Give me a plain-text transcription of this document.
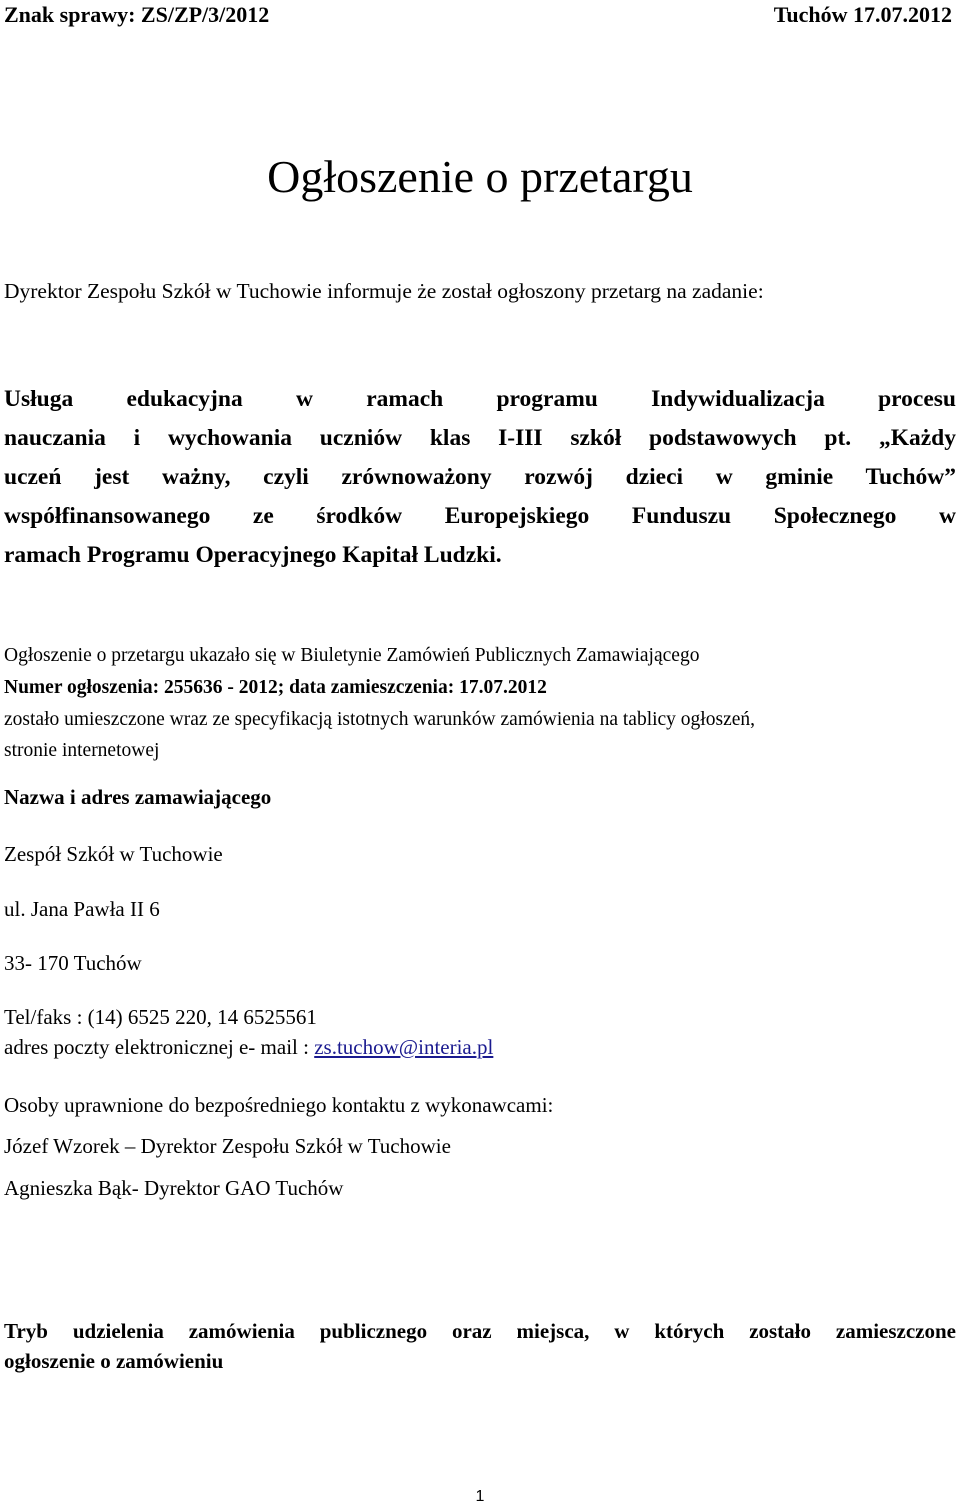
Znak sprawy: ZS/ZP/3/2012	Tuchów 17.07.2012
Ogłoszenie o przetargu
Dyrektor Zespołu Szkół w Tuchowie informuje że został ogłoszony przetarg na zadanie:
Usługa edukacyjna w ramach programu Indywidualizacja procesu
nauczania i wychowania uczniów klas I-III szkół podstawowych pt. „Każdy
uczeń jest ważny, czyli zrównoważony rozwój dzieci w gminie Tuchów”
współfinansowanego ze środków Europejskiego Funduszu Społecznego w
ramach Programu Operacyjnego Kapitał Ludzki.
Ogłoszenie o przetargu ukazało się w Biuletynie Zamówień Publicznych Zamawiającego
Numer ogłoszenia: 255636 - 2012; data zamieszczenia: 17.07.2012
zostało umieszczone wraz ze specyfikacją istotnych warunków zamówienia na tablicy ogłoszeń,
stronie internetowej
Nazwa i adres zamawiającego
Zespół Szkół w Tuchowie
ul. Jana Pawła II 6
33- 170 Tuchów
Tel/faks : (14) 6525 220, 14 6525561
adres poczty elektronicznej e- mail : zs.tuchow@interia.pl
Osoby uprawnione do bezpośredniego kontaktu z wykonawcami:
Józef Wzorek – Dyrektor Zespołu Szkół w Tuchowie
Agnieszka Bąk- Dyrektor GAO Tuchów
Tryb udzielenia zamówienia publicznego oraz miejsca, w których zostało zamieszczone
ogłoszenie o zamówieniu
1
